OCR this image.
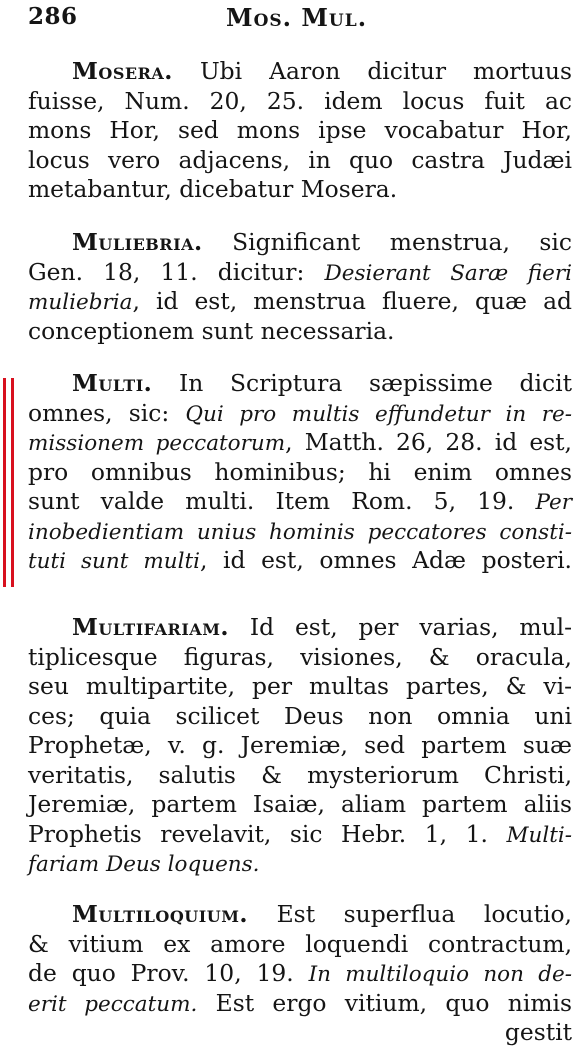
286	Mos. Mul.
Mosera. Ubi Aaron dicitur mortuus
fuisse, Num. 20, 25. idem locus fuit ac
mons Hor, sed mons ipse vocabatur Hor,
locus vero adjacens, in quo castra Judæi
metabantur, dicebatur Mosera.
Muliebria. Significant menstrua, sic
Gen. 18, 11. dicitur: Desierant Saræ fieri
muliebria, id est, menstrua fluere, quæ ad
conceptionem sunt necessaria.
Multi. In Scriptura sæpissime dicit
omnes, sic: Qui pro multis effundetur in re-
missionem peccatorum, Matth. 26, 28. id est,
pro omnibus hominibus; hi enim omnes
sunt valde multi. Item Rom. 5, 19. Per
inobedientiam unius hominis peccatores consti-
tuti sunt multi, id est, omnes Adæ posteri.
Multifariam. Id est, per varias, mul-
tiplicesque figuras, visiones, & oracula,
seu multipartite, per multas partes, & vi-
ces; quia scilicet Deus non omnia uni
Prophetæ, v. g. Jeremiæ, sed partem suæ
veritatis, salutis & mysteriorum Christi,
Jeremiæ, partem Isaiæ, aliam partem aliis
Prophetis revelavit, sic Hebr. 1, 1. Multi-
fariam Deus loquens.
Multiloquium. Est superflua locutio,
& vitium ex amore loquendi contractum,
de quo Prov. 10, 19. In multiloquio non de-
erit peccatum. Est ergo vitium, quo nimis
gestit
